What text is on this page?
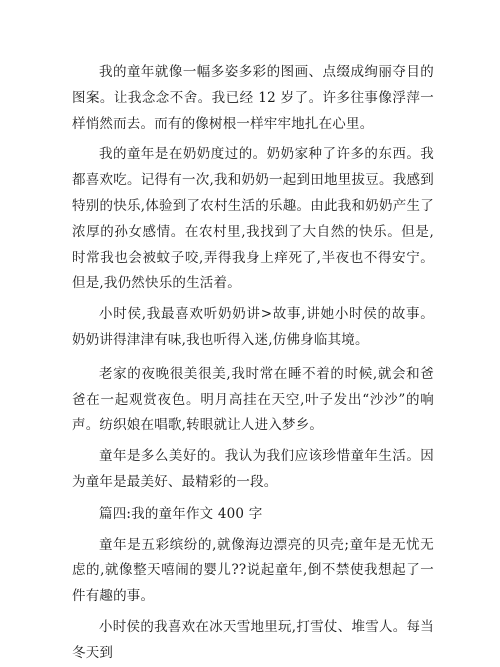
我的童年就像一幅多姿多彩的图画、点缀成绚丽夺目的图案。让我念念不舍。我已经 12 岁了。许多往事像浮萍一样悄然而去。而有的像树根一样牢牢地扎在心里。

我的童年是在奶奶度过的。奶奶家种了许多的东西。我都喜欢吃。记得有一次,我和奶奶一起到田地里拔豆。我感到特别的快乐,体验到了农村生活的乐趣。由此我和奶奶产生了浓厚的孙女感情。在农村里,我找到了大自然的快乐。但是,时常我也会被蚊子咬,弄得我身上痒死了,半夜也不得安宁。但是,我仍然快乐的生活着。

小时侯,我最喜欢听奶奶讲>故事,讲她小时侯的故事。奶奶讲得津津有味,我也听得入迷,仿佛身临其境。

老家的夜晚很美很美,我时常在睡不着的时候,就会和爸爸在一起观赏夜色。明月高挂在天空,叶子发出“沙沙”的响声。纺织娘在唱歌,转眼就让人进入梦乡。

童年是多么美好的。我认为我们应该珍惜童年生活。因为童年是最美好、最精彩的一段。

篇四:我的童年作文 400 字

童年是五彩缤纷的,就像海边漂亮的贝壳;童年是无忧无虑的,就像整天嘻闹的婴儿??说起童年,倒不禁使我想起了一件有趣的事。

小时侯的我喜欢在冰天雪地里玩,打雪仗、堆雪人。每当冬天到
